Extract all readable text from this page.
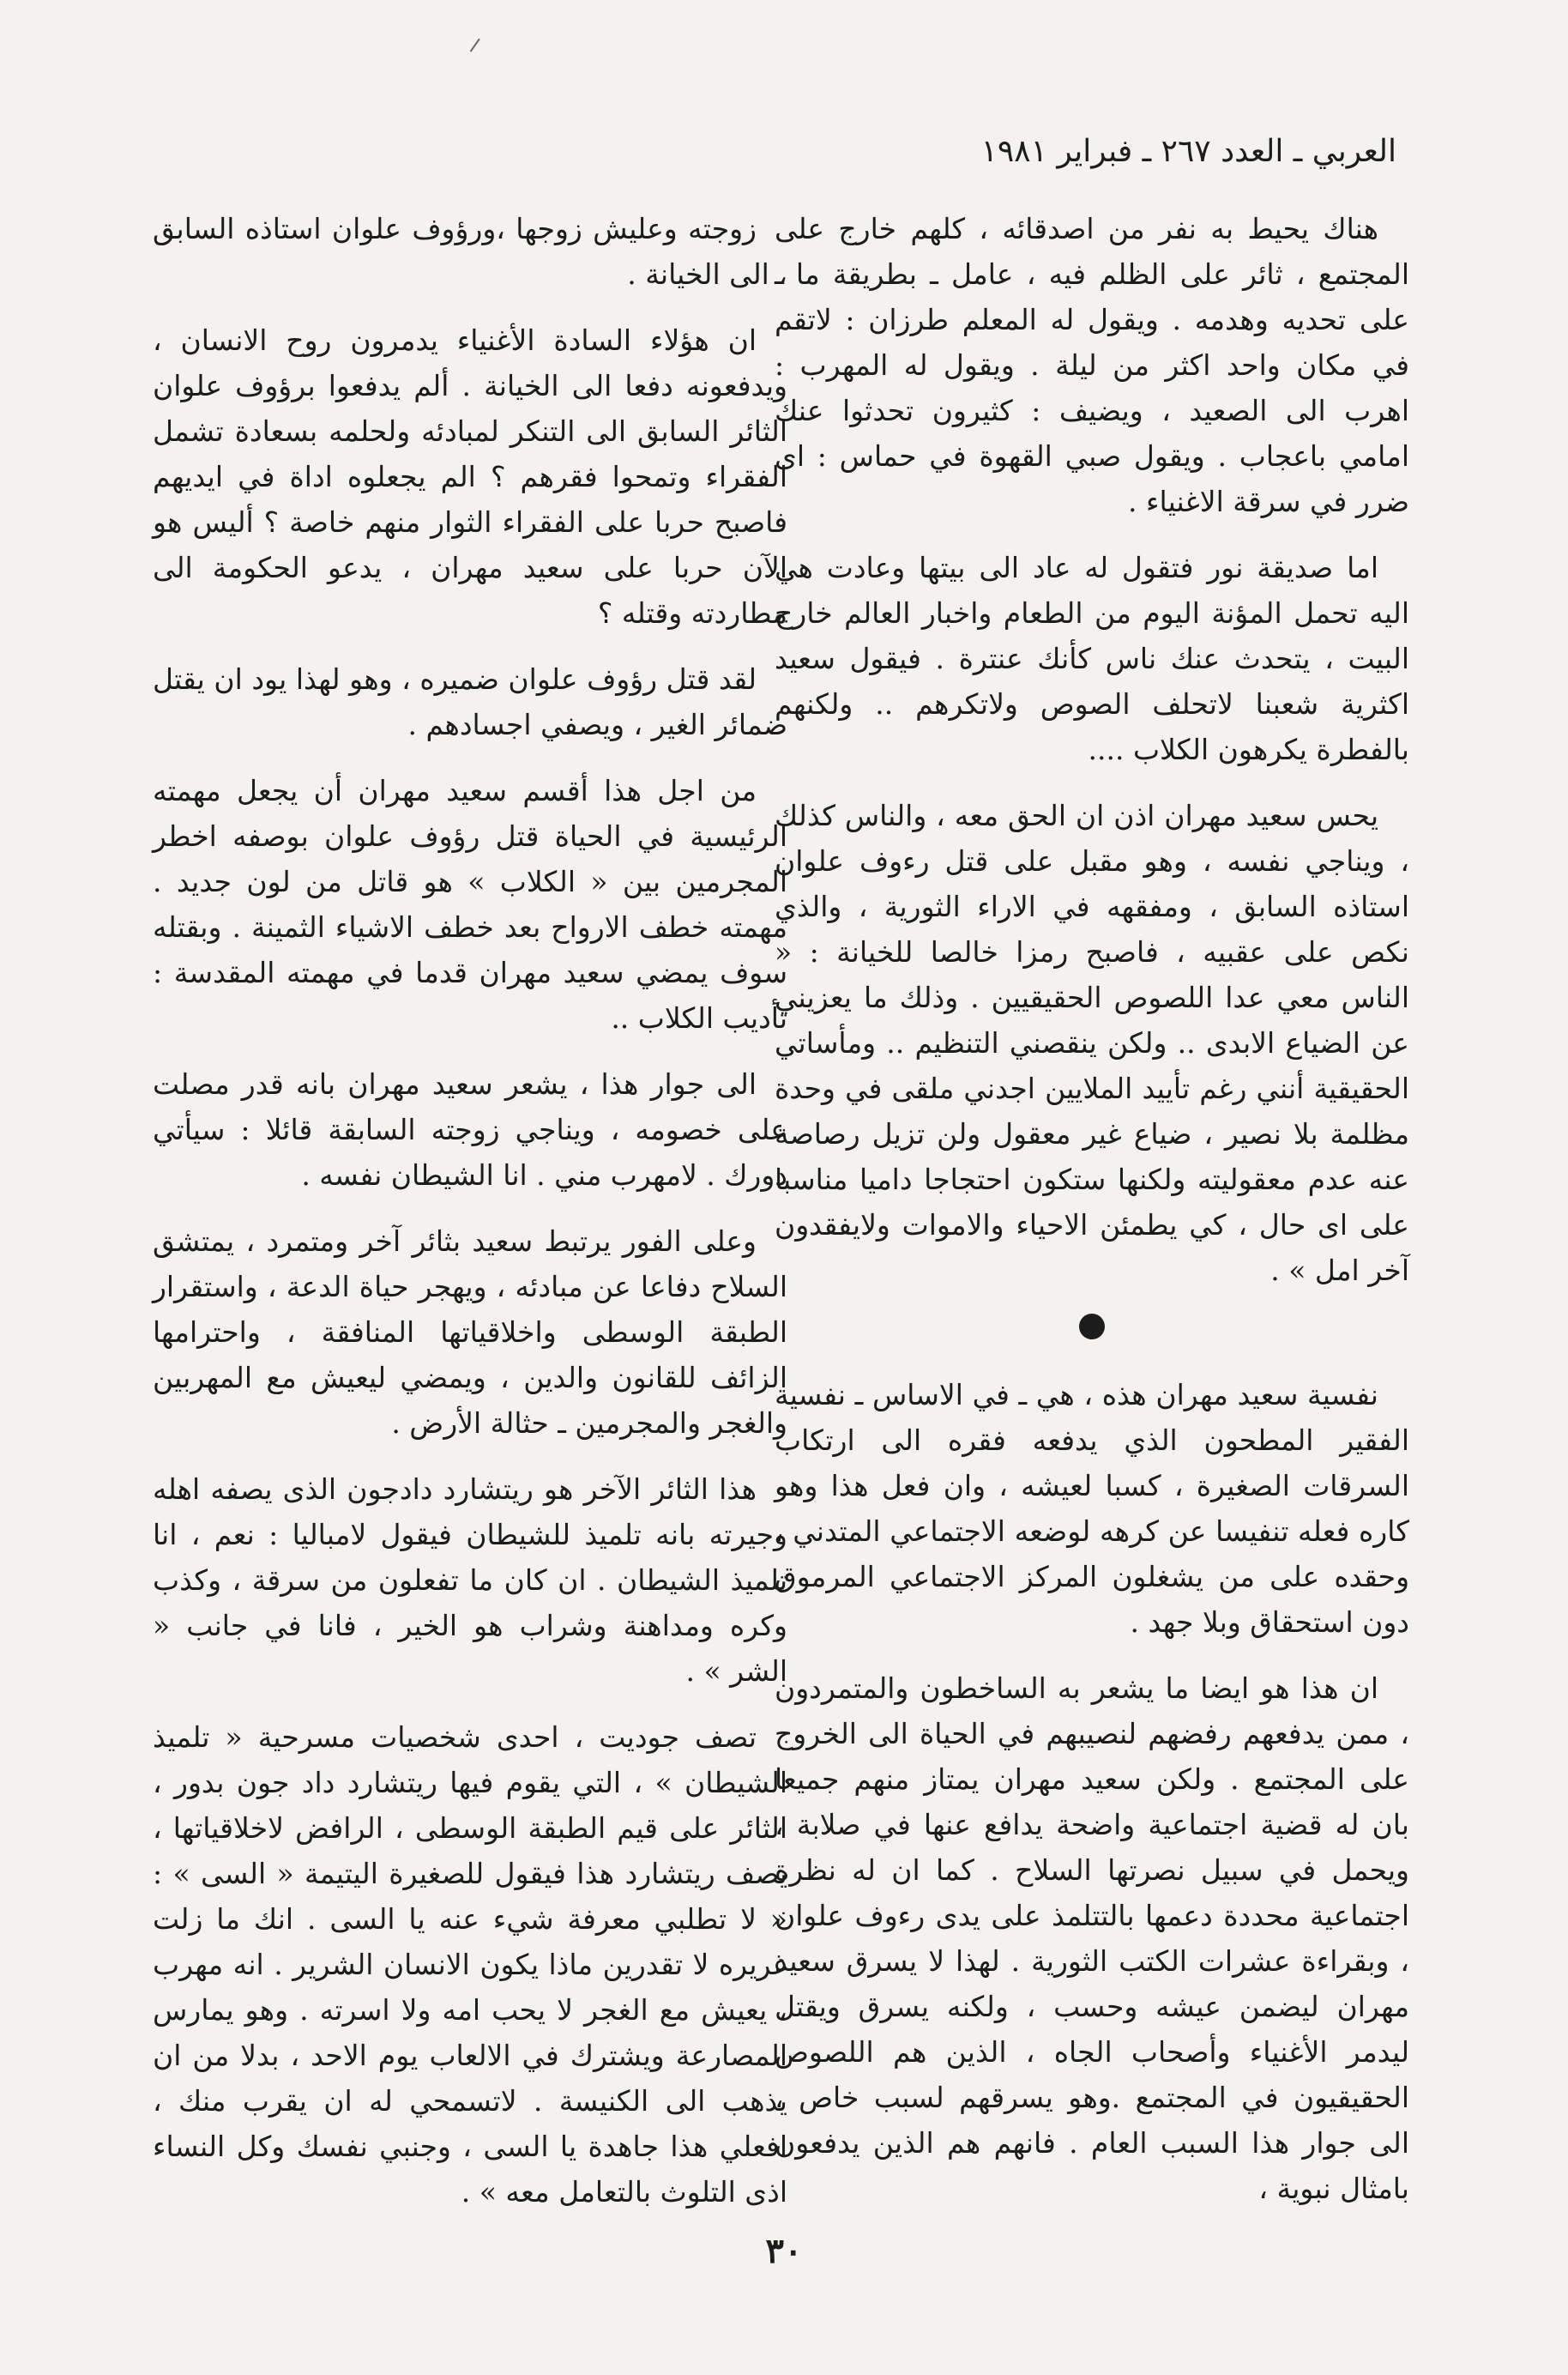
العربي ـ العدد ٢٦٧ ـ فبراير ١٩٨١

هناك يحيط به نفر من اصدقائه ، كلهم خارج على المجتمع ، ثائر على الظلم فيه ، عامل ـ بطريقة ما ـ على تحديه وهدمه . ويقول له المعلم طرزان : لاتقم في مكان واحد اكثر من ليلة . ويقول له المهرب : اهرب الى الصعيد ، ويضيف : كثيرون تحدثوا عنك امامي باعجاب . ويقول صبي القهوة في حماس : اى ضرر في سرقة الاغنياء .

اما صديقة نور فتقول له عاد الى بيتها وعادت هي اليه تحمل المؤنة اليوم من الطعام واخبار العالم خارج البيت ، يتحدث عنك ناس كأنك عنترة . فيقول سعيد اكثرية شعبنا لاتحلف الصوص ولاتكرهم .. ولكنهم بالفطرة يكرهون الكلاب ....

يحس سعيد مهران اذن ان الحق معه ، والناس كذلك ، ويناجي نفسه ، وهو مقبل على قتل رءوف علوان استاذه السابق ، ومفقهه في الاراء الثورية ، والذي نكص على عقبيه ، فاصبح رمزا خالصا للخيانة : « الناس معي عدا اللصوص الحقيقيين . وذلك ما يعزيني عن الضياع الابدى .. ولكن ينقصني التنظيم .. ومأساتي الحقيقية أنني رغم تأييد الملايين اجدني ملقى في وحدة مظلمة بلا نصير ، ضياع غير معقول ولن تزيل رصاصة عنه عدم معقوليته ولكنها ستكون احتجاجا داميا مناسبا على اى حال ، كي يطمئن الاحياء والاموات ولايفقدون آخر امل » .

نفسية سعيد مهران هذه ، هي ـ في الاساس ـ نفسية الفقير المطحون الذي يدفعه فقره الى ارتكاب السرقات الصغيرة ، كسبا لعيشه ، وان فعل هذا وهو كاره فعله تنفيسا عن كرهه لوضعه الاجتماعي المتدني ، وحقده على من يشغلون المركز الاجتماعي المرموق دون استحقاق وبلا جهد .

ان هذا هو ايضا ما يشعر به الساخطون والمتمردون ، ممن يدفعهم رفضهم لنصيبهم في الحياة الى الخروج على المجتمع . ولكن سعيد مهران يمتاز منهم جميعا بان له قضية اجتماعية واضحة يدافع عنها في صلابة ، ويحمل في سبيل نصرتها السلاح . كما ان له نظرة اجتماعية محددة دعمها بالتتلمذ على يدى رءوف علوان ، وبقراءة عشرات الكتب الثورية . لهذا لا يسرق سعيد مهران ليضمن عيشه وحسب ، ولكنه يسرق ويقتل ليدمر الأغنياء وأصحاب الجاه ، الذين هم اللصوص الحقيقيون في المجتمع .وهو يسرقهم لسبب خاص ، الى جوار هذا السبب العام . فانهم هم الذين يدفعون بامثال نبوية ،

زوجته وعليش زوجها ،ورؤوف علوان استاذه السابق ، الى الخيانة .

ان هؤلاء السادة الأغنياء يدمرون روح الانسان ، ويدفعونه دفعا الى الخيانة . ألم يدفعوا برؤوف علوان الثائر السابق الى التنكر لمبادئه ولحلمه بسعادة تشمل الفقراء وتمحوا فقرهم ؟ الم يجعلوه اداة في ايديهم فاصبح حربا على الفقراء الثوار منهم خاصة ؟ أليس هو الآن حربا على سعيد مهران ، يدعو الحكومة الى مطاردته وقتله ؟

لقد قتل رؤوف علوان ضميره ، وهو لهذا يود ان يقتل ضمائر الغير ، ويصفي اجسادهم .

من اجل هذا أقسم سعيد مهران أن يجعل مهمته الرئيسية في الحياة قتل رؤوف علوان بوصفه اخطر المجرمين بين « الكلاب » هو قاتل من لون جديد . مهمته خطف الارواح بعد خطف الاشياء الثمينة . وبقتله سوف يمضي سعيد مهران قدما في مهمته المقدسة : تأديب الكلاب ..

الى جوار هذا ، يشعر سعيد مهران بانه قدر مصلت على خصومه ، ويناجي زوجته السابقة قائلا : سيأتي دورك . لامهرب مني . انا الشيطان نفسه .

وعلى الفور يرتبط سعيد بثائر آخر ومتمرد ، يمتشق السلاح دفاعا عن مبادئه ، ويهجر حياة الدعة ، واستقرار الطبقة الوسطى واخلاقياتها المنافقة ، واحترامها الزائف للقانون والدين ، ويمضي ليعيش مع المهربين والغجر والمجرمين ـ حثالة الأرض .

هذا الثائر الآخر هو ريتشارد دادجون الذى يصفه اهله وجيرته بانه تلميذ للشيطان فيقول لامباليا : نعم ، انا تلميذ الشيطان . ان كان ما تفعلون من سرقة ، وكذب وكره ومداهنة وشراب هو الخير ، فانا في جانب « الشر » .

تصف جوديت ، احدى شخصيات مسرحية « تلميذ الشيطان » ، التي يقوم فيها ريتشارد داد جون بدور ، الثائر على قيم الطبقة الوسطى ، الرافض لاخلاقياتها ، يصف ريتشارد هذا فيقول للصغيرة اليتيمة « السى » : « لا تطلبي معرفة شيء عنه يا السى . انك ما زلت غريره لا تقدرين ماذا يكون الانسان الشرير . انه مهرب ، يعيش مع الغجر لا يحب امه ولا اسرته . وهو يمارس المصارعة ويشترك في الالعاب يوم الاحد ، بدلا من ان يذهب الى الكنيسة . لاتسمحي له ان يقرب منك ، افعلي هذا جاهدة يا السى ، وجنبي نفسك وكل النساء اذى التلوث بالتعامل معه » .

٣٠
